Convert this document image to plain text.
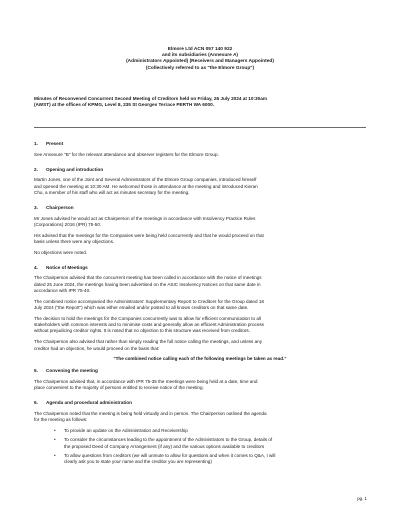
Elmore Ltd ACN 057 140 922
and its subsidiaries (Annexure A)
(Administrators Appointed) (Receivers and Managers Appointed)
(Collectively referred to as "the Elmore Group")
Minutes of Reconvened Concurrent Second Meeting of Creditors held on Friday, 26 July 2024 at 10:30am
(AWST) at the offices of KPMG, Level 8, 235 St Georges Terrace PERTH WA 6000.
1. Present

See Annexure "B" for the relevant attendance and observer registers for the Elmore Group.

2. Opening and introduction

Martin Jones, one of the Joint and Several Administrators of the Elmore Group companies, introduced himself
and opened the meeting at 10:30 AM. He welcomed those in attendance at the meeting and introduced Kieran
Chu, a member of his staff who will act as minutes secretary for the meeting.

3. Chairperson

Mr Jones advised he would act as Chairperson of the meetings in accordance with Insolvency Practice Rules
(Corporations) 2016 (IPR) 75-50.

His advised that the meetings for the Companies were being held concurrently and that he would proceed on that
basis unless there were any objections.

No objections were noted.

4. Notice of Meetings

The Chairperson advised that the concurrent meeting has been called in accordance with the notice of meetings
dated 25 June 2024, the meetings having been advertised on the ASIC Insolvency Notices on that same date in
accordance with IPR 75-40.

The combined notice accompanied the Administrators' Supplementary Report to Creditors for the Group dated 18
July 2024 ("the Report") which was either emailed and/or posted to all known creditors on that same date.

The decision to hold the meetings for the Companies concurrently was to allow for efficient communication to all
stakeholders with common interests and to minimise costs and generally allow an efficient Administration process
without prejudicing creditor rights. It is noted that no objection to this structure was received from creditors.

The Chairperson also advised that rather than simply reading the full notice calling the meetings, and unless any
creditor had an objection, he would proceed on the basis that:

"The combined notice calling each of the following meetings be taken as read."
5. Convening the meeting

The Chairperson advised that, in accordance with IPR 75-35 the meetings were being held at a date, time and
place convenient to the majority of persons entitled to receive notice of the meeting.

6. Agenda and procedural administration

The Chairperson noted that the meeting is being held virtually and in person. The Chairperson outlined the agenda
for the meeting as follows:

• To provide an update on the Administration and Receivership
• To consider the circumstances leading to the appointment of the Administrators to the Group, details of
the proposed Deed of Company Arrangement (if any) and the various options available to creditors
• To allow questions from creditors (we will unmute to allow for questions and when it comes to Q&A, I will
clearly ask you to state your name and the creditor you are representing)
pg. 1
